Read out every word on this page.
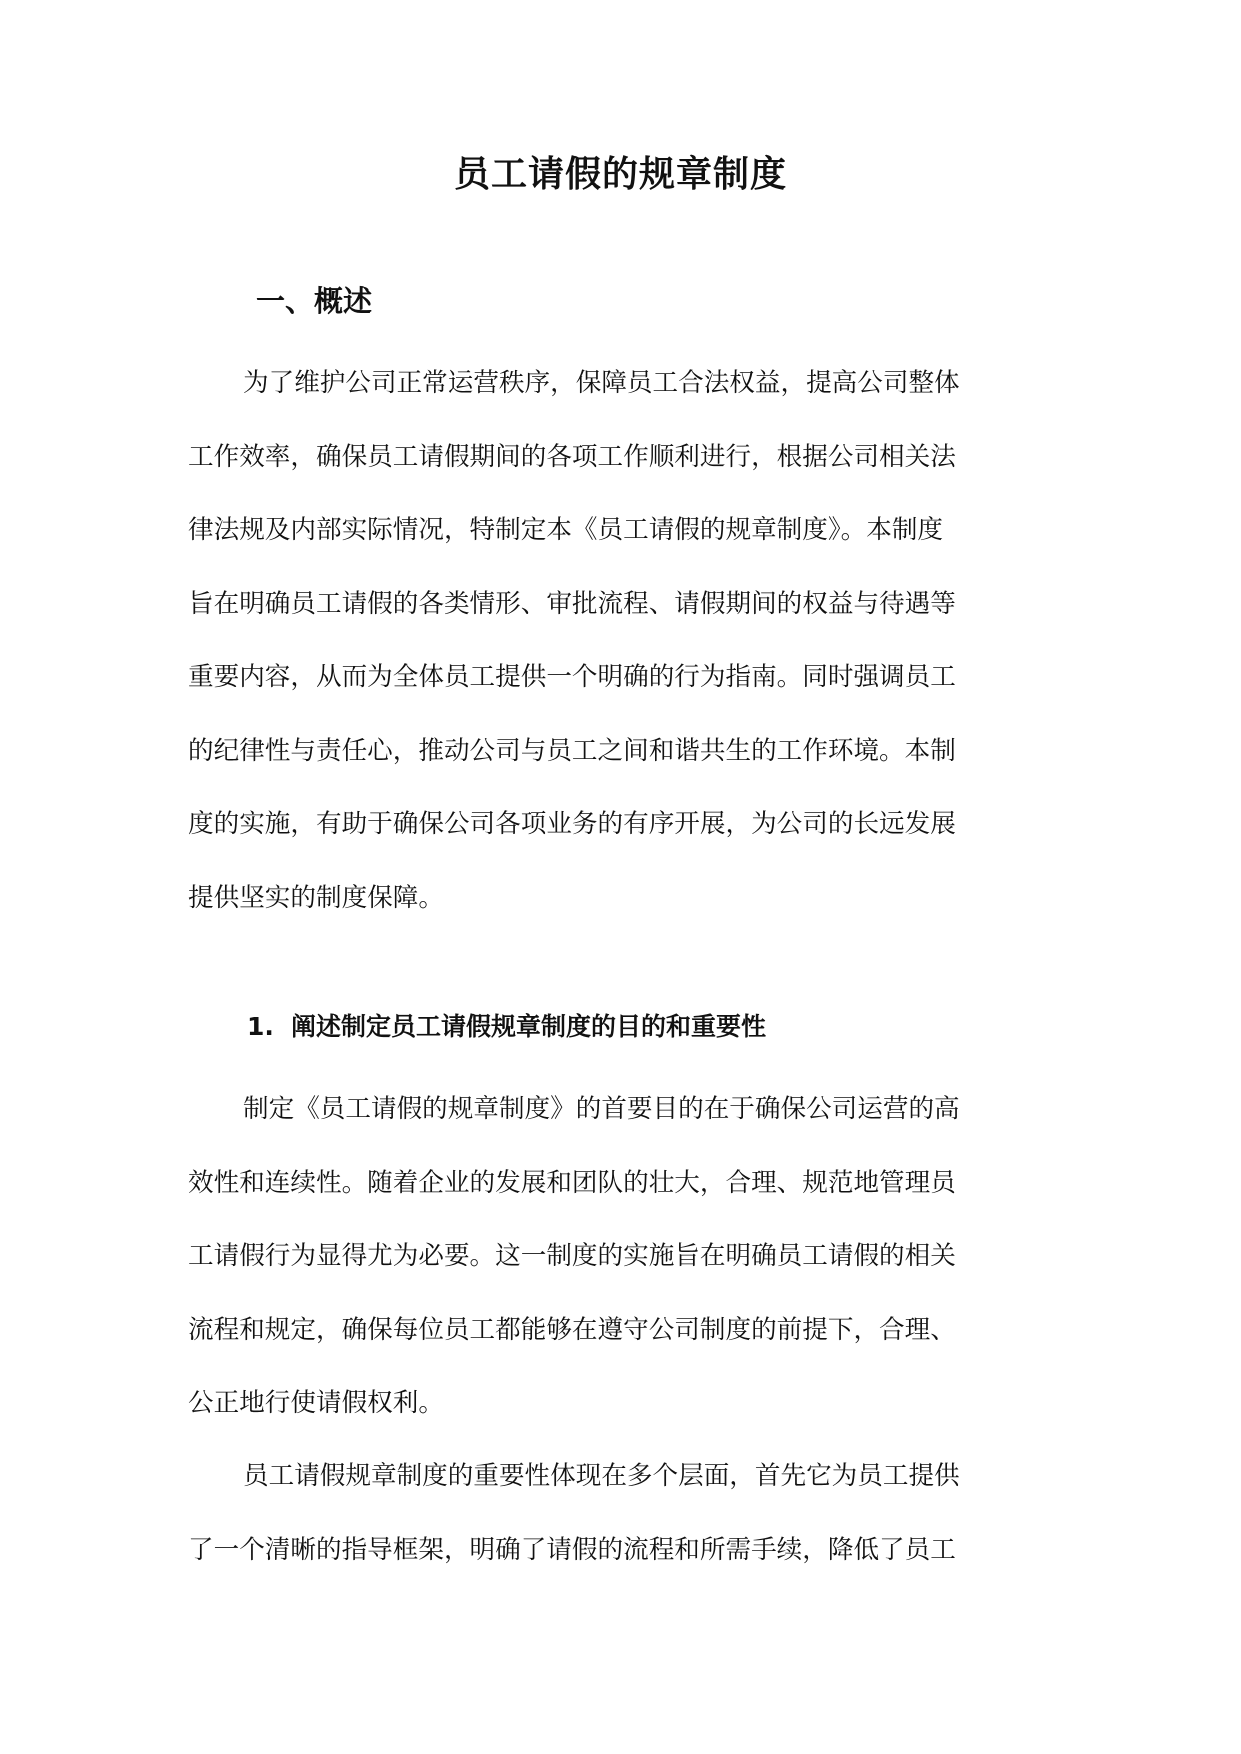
员工请假的规章制度
一、概述

为了维护公司正常运营秩序，保障员工合法权益，提高公司整体
工作效率，确保员工请假期间的各项工作顺利进行，根据公司相关法
律法规及内部实际情况，特制定本《员工请假的规章制度》。本制度
旨在明确员工请假的各类情形、审批流程、请假期间的权益与待遇等
重要内容，从而为全体员工提供一个明确的行为指南。同时强调员工
的纪律性与责任心，推动公司与员工之间和谐共生的工作环境。本制
度的实施，有助于确保公司各项业务的有序开展，为公司的长远发展
提供坚实的制度保障。

1. 阐述制定员工请假规章制度的目的和重要性

制定《员工请假的规章制度》的首要目的在于确保公司运营的高
效性和连续性。随着企业的发展和团队的壮大，合理、规范地管理员
工请假行为显得尤为必要。这一制度的实施旨在明确员工请假的相关
流程和规定，确保每位员工都能够在遵守公司制度的前提下，合理、
公正地行使请假权利。

员工请假规章制度的重要性体现在多个层面，首先它为员工提供
了一个清晰的指导框架，明确了请假的流程和所需手续，降低了员工
